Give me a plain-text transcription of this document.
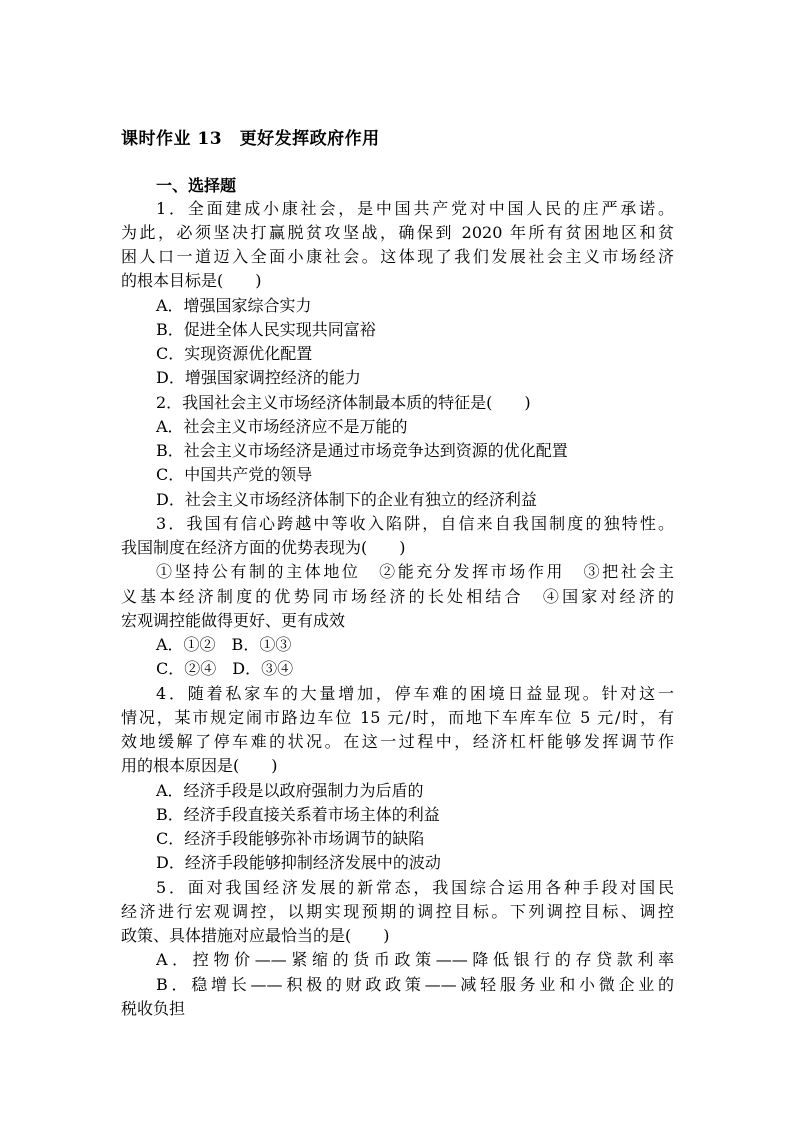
课时作业 13　更好发挥政府作用
一、选择题
1．全面建成小康社会，是中国共产党对中国人民的庄严承诺。
为此，必须坚决打赢脱贫攻坚战，确保到 2020 年所有贫困地区和贫
困人口一道迈入全面小康社会。这体现了我们发展社会主义市场经济
的根本目标是(　　)
A．增强国家综合实力
B．促进全体人民实现共同富裕
C．实现资源优化配置
D．增强国家调控经济的能力
2．我国社会主义市场经济体制最本质的特征是(　　)
A．社会主义市场经济应不是万能的
B．社会主义市场经济是通过市场竞争达到资源的优化配置
C．中国共产党的领导
D．社会主义市场经济体制下的企业有独立的经济利益
3．我国有信心跨越中等收入陷阱，自信来自我国制度的独特性。
我国制度在经济方面的优势表现为(　　)
①坚持公有制的主体地位　②能充分发挥市场作用　③把社会主
义基本经济制度的优势同市场经济的长处相结合　④国家对经济的
宏观调控能做得更好、更有成效
A．①②　B．①③
C．②④　D．③④
4．随着私家车的大量增加，停车难的困境日益显现。针对这一
情况，某市规定闹市路边车位 15 元/时，而地下车库车位 5 元/时，有
效地缓解了停车难的状况。在这一过程中，经济杠杆能够发挥调节作
用的根本原因是(　　)
A．经济手段是以政府强制力为后盾的
B．经济手段直接关系着市场主体的利益
C．经济手段能够弥补市场调节的缺陷
D．经济手段能够抑制经济发展中的波动
5．面对我国经济发展的新常态，我国综合运用各种手段对国民
经济进行宏观调控，以期实现预期的调控目标。下列调控目标、调控
政策、具体措施对应最恰当的是(　　)
A．控物价——紧缩的货币政策——降低银行的存贷款利率
B．稳增长——积极的财政政策——减轻服务业和小微企业的
税收负担
